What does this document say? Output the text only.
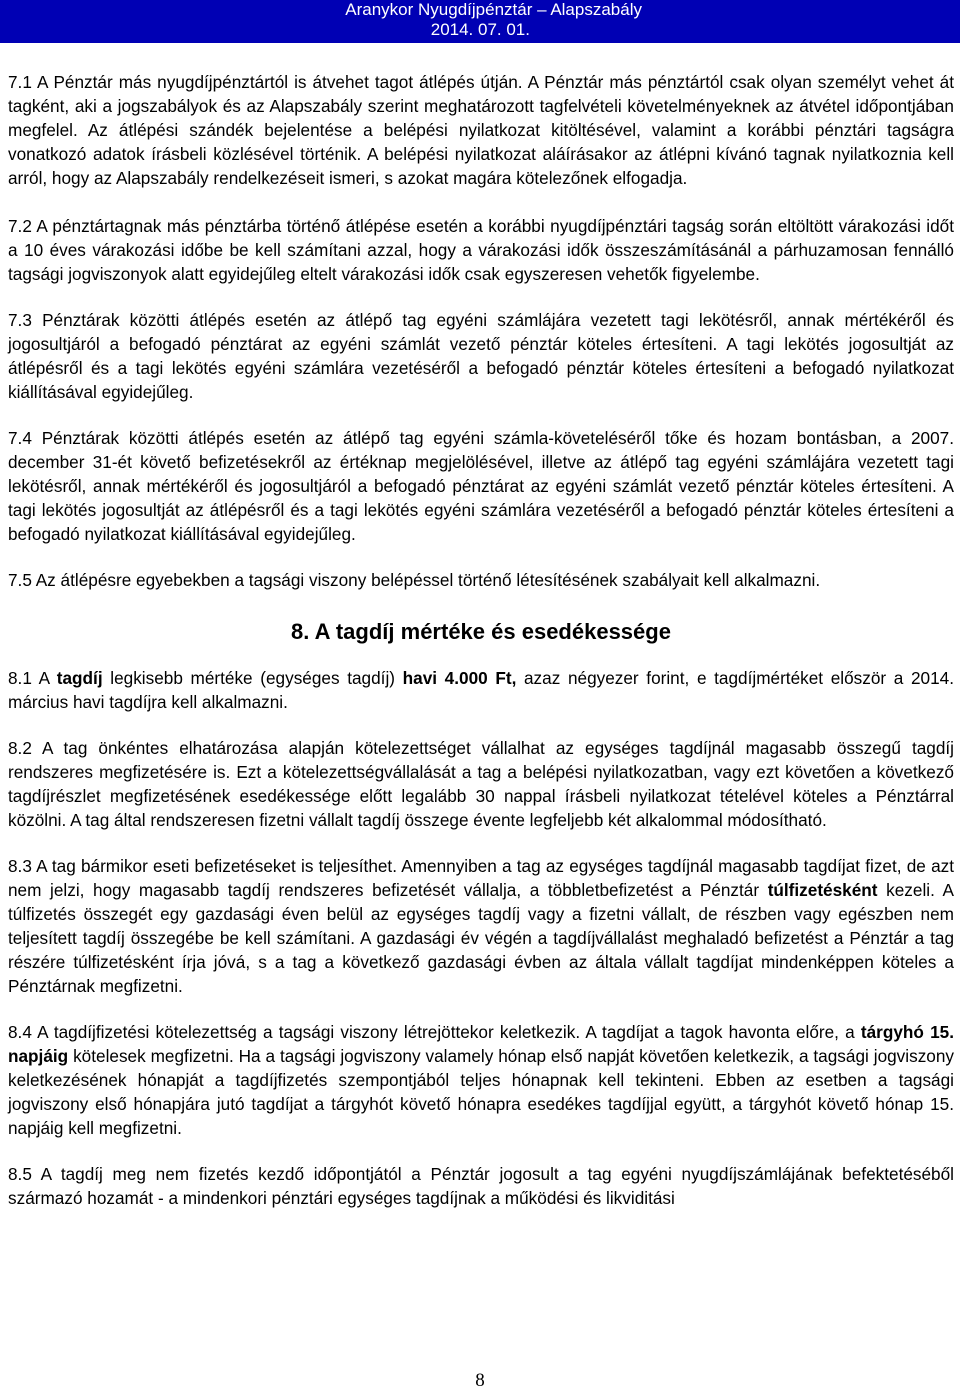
Aranykor Nyugdíjpénztár – Alapszabály
2014. 07. 01.

7.1 A Pénztár más nyugdíjpénztártól is átvehet tagot átlépés útján. A Pénztár más pénztártól csak olyan személyt vehet át tagként, aki a jogszabályok és az Alapszabály szerint meghatározott tagfelvételi követelményeknek az átvétel időpontjában megfelel. Az átlépési szándék bejelentése a belépési nyilatkozat kitöltésével, valamint a korábbi pénztári tagságra vonatkozó adatok írásbeli közlésével történik. A belépési nyilatkozat aláírásakor az átlépni kívánó tagnak nyilatkoznia kell arról, hogy az Alapszabály rendelkezéseit ismeri, s azokat magára kötelezőnek elfogadja.

7.2 A pénztártagnak más pénztárba történő átlépése esetén a korábbi nyugdíjpénztári tagság során eltöltött várakozási időt a 10 éves várakozási időbe be kell számítani azzal, hogy a várakozási idők összeszámításánál a párhuzamosan fennálló tagsági jogviszonyok alatt egyidejűleg eltelt várakozási idők csak egyszeresen vehetők figyelembe.

7.3 Pénztárak közötti átlépés esetén az átlépő tag egyéni számlájára vezetett tagi lekötésről, annak mértékéről és jogosultjáról a befogadó pénztárat az egyéni számlát vezető pénztár köteles értesíteni. A tagi lekötés jogosultját az átlépésről és a tagi lekötés egyéni számlára vezetéséről a befogadó pénztár köteles értesíteni a befogadó nyilatkozat kiállításával egyidejűleg.

7.4 Pénztárak közötti átlépés esetén az átlépő tag egyéni számla-követeléséről tőke és hozam bontásban, a 2007. december 31-ét követő befizetésekről az értéknap megjelölésével, illetve az átlépő tag egyéni számlájára vezetett tagi lekötésről, annak mértékéről és jogosultjáról a befogadó pénztárat az egyéni számlát vezető pénztár köteles értesíteni. A tagi lekötés jogosultját az átlépésről és a tagi lekötés egyéni számlára vezetéséről a befogadó pénztár köteles értesíteni a befogadó nyilatkozat kiállításával egyidejűleg.

7.5 Az átlépésre egyebekben a tagsági viszony belépéssel történő létesítésének szabályait kell alkalmazni.

8. A tagdíj mértéke és esedékessége

8.1 A tagdíj legkisebb mértéke (egységes tagdíj) havi 4.000 Ft, azaz négyezer forint, e tagdíjmértéket először a 2014. március havi tagdíjra kell alkalmazni.

8.2 A tag önkéntes elhatározása alapján kötelezettséget vállalhat az egységes tagdíjnál magasabb összegű tagdíj rendszeres megfizetésére is. Ezt a kötelezettségvállalását a tag a belépési nyilatkozatban, vagy ezt követően a következő tagdíjrészlet megfizetésének esedékessége előtt legalább 30 nappal írásbeli nyilatkozat tételével köteles a Pénztárral közölni. A tag által rendszeresen fizetni vállalt tagdíj összege évente legfeljebb két alkalommal módosítható.

8.3 A tag bármikor eseti befizetéseket is teljesíthet. Amennyiben a tag az egységes tagdíjnál magasabb tagdíjat fizet, de azt nem jelzi, hogy magasabb tagdíj rendszeres befizetését vállalja, a többletbefizetést a Pénztár túlfizetésként kezeli. A túlfizetés összegét egy gazdasági éven belül az egységes tagdíj vagy a fizetni vállalt, de részben vagy egészben nem teljesített tagdíj összegébe be kell számítani. A gazdasági év végén a tagdíjvállalást meghaladó befizetést a Pénztár a tag részére túlfizetésként írja jóvá, s a tag a következő gazdasági évben az általa vállalt tagdíjat mindenképpen köteles a Pénztárnak megfizetni.

8.4 A tagdíjfizetési kötelezettség a tagsági viszony létrejöttekor keletkezik. A tagdíjat a tagok havonta előre, a tárgyhó 15. napjáig kötelesek megfizetni. Ha a tagsági jogviszony valamely hónap első napját követően keletkezik, a tagsági jogviszony keletkezésének hónapját a tagdíjfizetés szempontjából teljes hónapnak kell tekinteni. Ebben az esetben a tagsági jogviszony első hónapjára jutó tagdíjat a tárgyhót követő hónapra esedékes tagdíjjal együtt, a tárgyhót követő hónap 15. napjáig kell megfizetni.

8.5 A tagdíj meg nem fizetés kezdő időpontjától a Pénztár jogosult a tag egyéni nyugdíjszámlájának befektetéséből származó hozamát - a mindenkori pénztári egységes tagdíjnak a működési és likviditási

8
